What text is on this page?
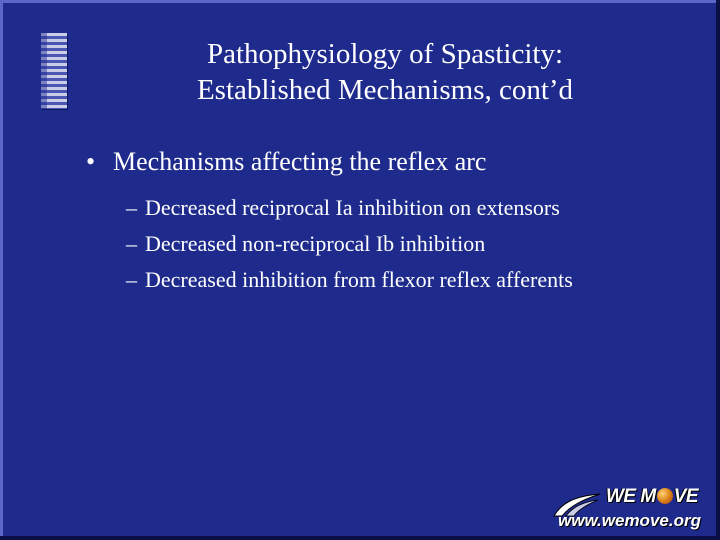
Pathophysiology of Spasticity:
Established Mechanisms, cont’d
• Mechanisms affecting the reflex arc
– Decreased reciprocal Ia inhibition on extensors
– Decreased non-reciprocal Ib inhibition
– Decreased inhibition from flexor reflex afferents
WE M VE
www.wemove.org
